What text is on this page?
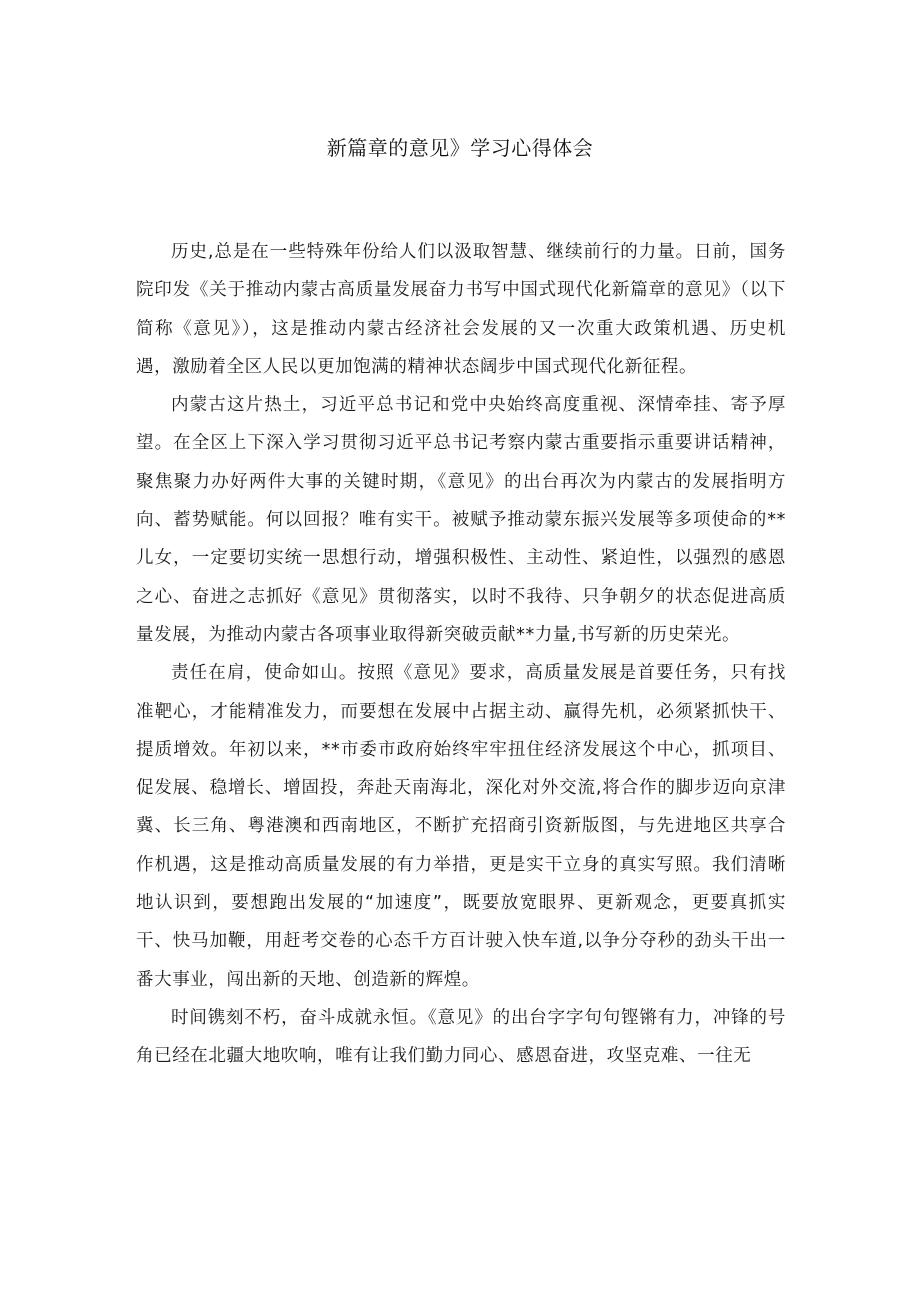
新篇章的意见》学习心得体会

历史,总是在一些特殊年份给人们以汲取智慧、继续前行的力量。日前，国务院印发《关于推动内蒙古高质量发展奋力书写中国式现代化新篇章的意见》（以下简称《意见》），这是推动内蒙古经济社会发展的又一次重大政策机遇、历史机遇，激励着全区人民以更加饱满的精神状态阔步中国式现代化新征程。

内蒙古这片热土，习近平总书记和党中央始终高度重视、深情牵挂、寄予厚望。在全区上下深入学习贯彻习近平总书记考察内蒙古重要指示重要讲话精神，聚焦聚力办好两件大事的关键时期，《意见》的出台再次为内蒙古的发展指明方向、蓄势赋能。何以回报？唯有实干。被赋予推动蒙东振兴发展等多项使命的**儿女，一定要切实统一思想行动，增强积极性、主动性、紧迫性，以强烈的感恩之心、奋进之志抓好《意见》贯彻落实，以时不我待、只争朝夕的状态促进高质量发展，为推动内蒙古各项事业取得新突破贡献**力量,书写新的历史荣光。

责任在肩，使命如山。按照《意见》要求，高质量发展是首要任务，只有找准靶心，才能精准发力，而要想在发展中占据主动、赢得先机，必须紧抓快干、提质增效。年初以来，**市委市政府始终牢牢扭住经济发展这个中心，抓项目、促发展、稳增长、增固投，奔赴天南海北，深化对外交流,将合作的脚步迈向京津冀、长三角、粤港澳和西南地区，不断扩充招商引资新版图，与先进地区共享合作机遇，这是推动高质量发展的有力举措，更是实干立身的真实写照。我们清晰地认识到，要想跑出发展的“加速度”，既要放宽眼界、更新观念，更要真抓实干、快马加鞭，用赶考交卷的心态千方百计驶入快车道,以争分夺秒的劲头干出一番大事业，闯出新的天地、创造新的辉煌。

时间镌刻不朽，奋斗成就永恒。《意见》的出台字字句句铿锵有力，冲锋的号角已经在北疆大地吹响，唯有让我们勤力同心、感恩奋进，攻坚克难、一往无
